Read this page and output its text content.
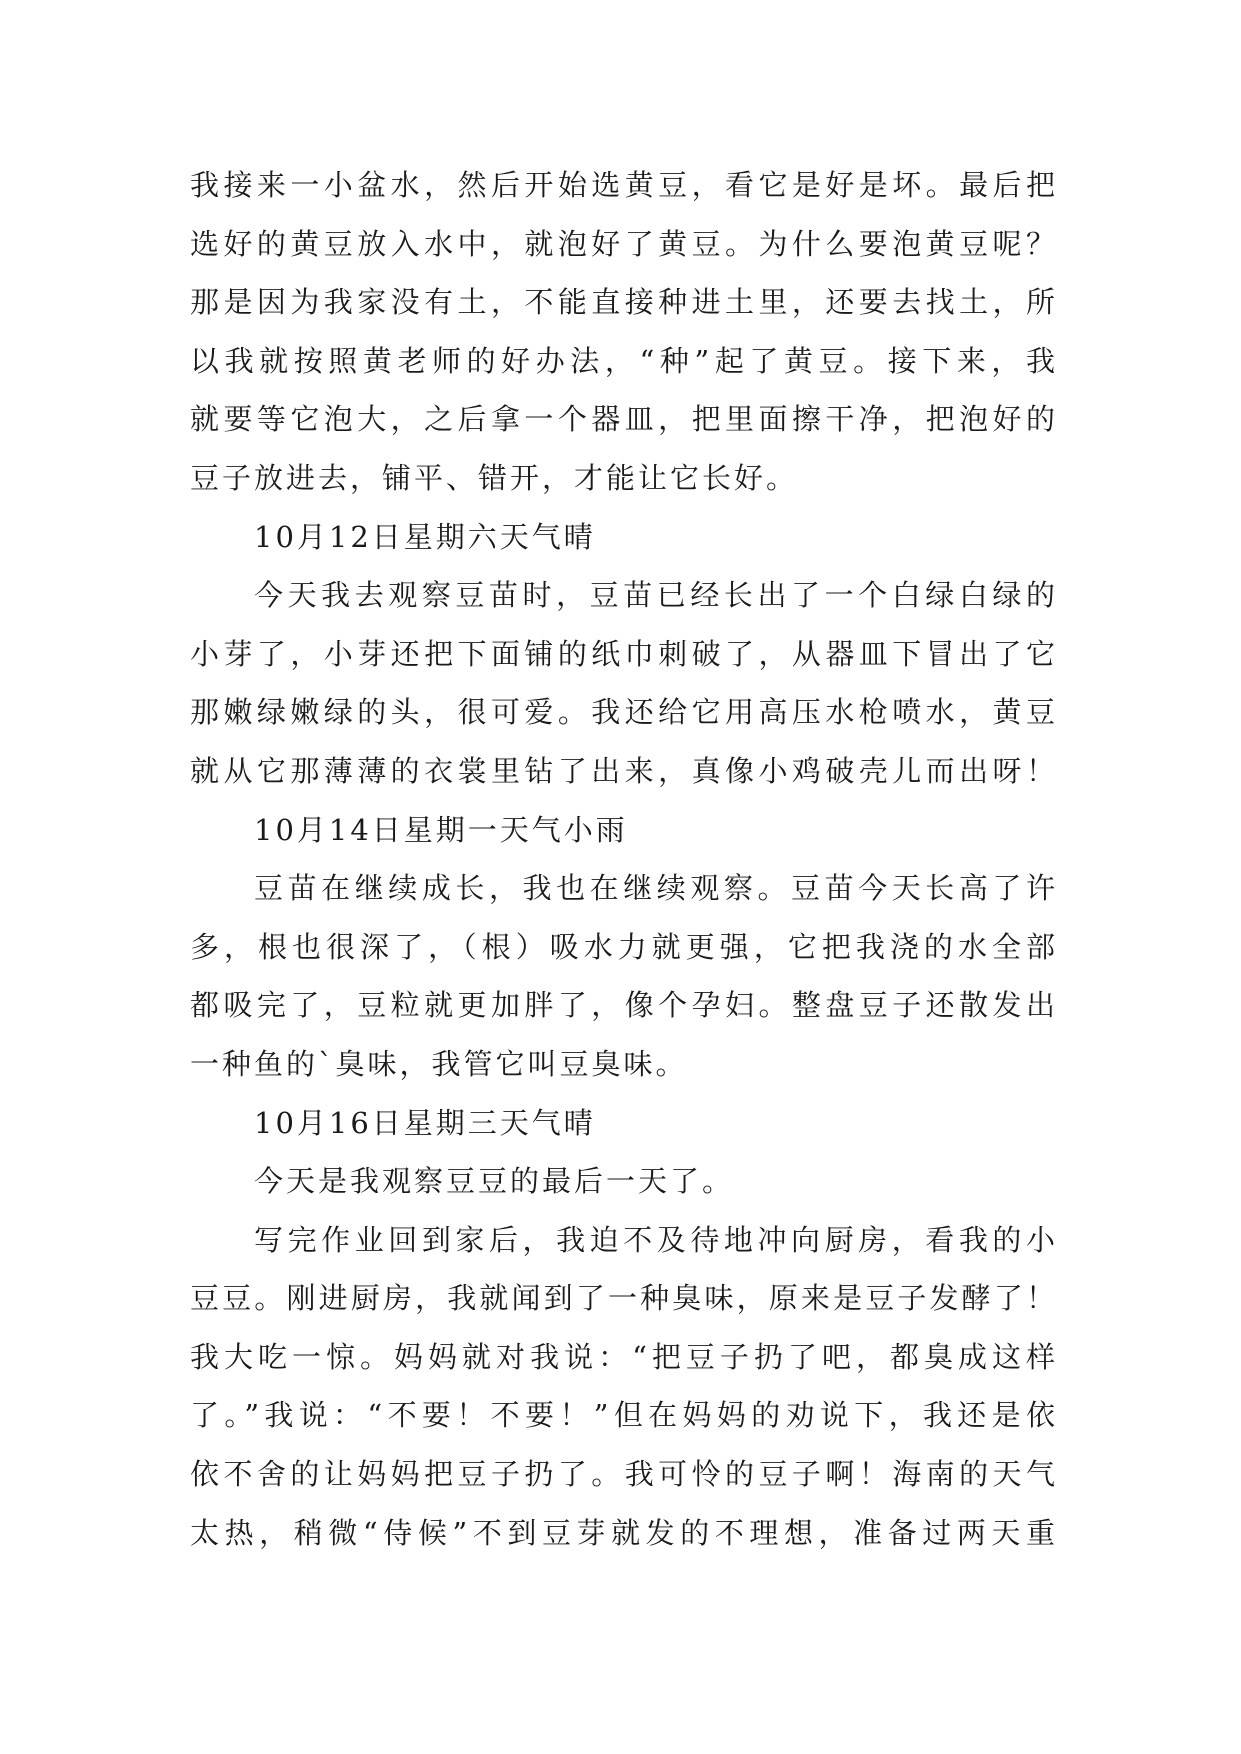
我接来一小盆水，然后开始选黄豆，看它是好是坏。最后把
选好的黄豆放入水中，就泡好了黄豆。为什么要泡黄豆呢？
那是因为我家没有土，不能直接种进土里，还要去找土，所
以我就按照黄老师的好办法，“种”起了黄豆。接下来，我
就要等它泡大，之后拿一个器皿，把里面擦干净，把泡好的
豆子放进去，铺平、错开，才能让它长好。
10月12日星期六天气晴
今天我去观察豆苗时，豆苗已经长出了一个白绿白绿的
小芽了，小芽还把下面铺的纸巾刺破了，从器皿下冒出了它
那嫩绿嫩绿的头，很可爱。我还给它用高压水枪喷水，黄豆
就从它那薄薄的衣裳里钻了出来，真像小鸡破壳儿而出呀！
10月14日星期一天气小雨
豆苗在继续成长，我也在继续观察。豆苗今天长高了许
多，根也很深了，（根）吸水力就更强，它把我浇的水全部
都吸完了，豆粒就更加胖了，像个孕妇。整盘豆子还散发出
一种鱼的`臭味，我管它叫豆臭味。
10月16日星期三天气晴
今天是我观察豆豆的最后一天了。
写完作业回到家后，我迫不及待地冲向厨房，看我的小
豆豆。刚进厨房，我就闻到了一种臭味，原来是豆子发酵了！
我大吃一惊。妈妈就对我说：“把豆子扔了吧，都臭成这样
了。”我说：“不要！不要！”但在妈妈的劝说下，我还是依
依不舍的让妈妈把豆子扔了。我可怜的豆子啊！海南的天气
太热，稍微“侍候”不到豆芽就发的不理想，准备过两天重
